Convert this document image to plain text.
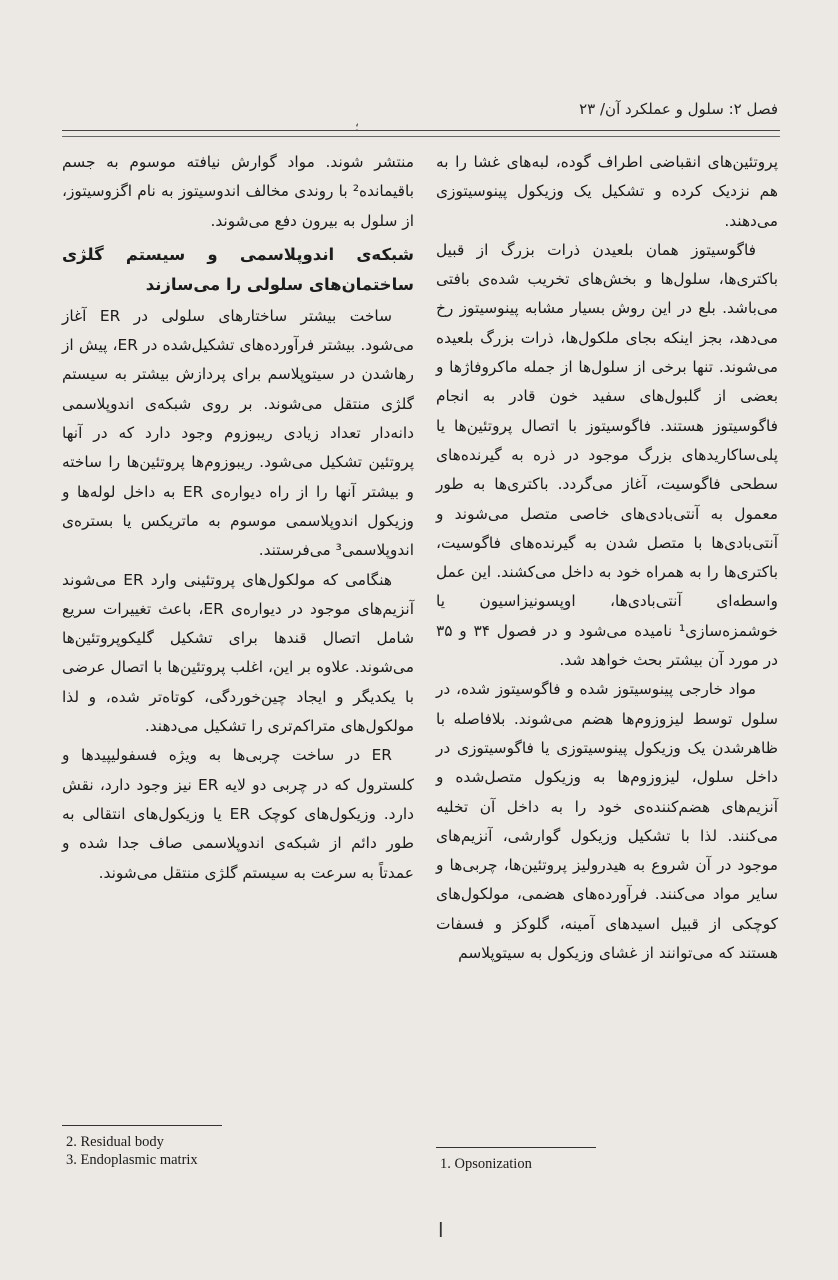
فصل ۲: سلول و عملکرد آن/ ۲۳
؛

پروتئین‌های انقباضی اطراف گوده، لبه‌های غشا را به هم نزدیک کرده و تشکیل یک وزیکول پینوسیتوزی می‌دهند.

فاگوسیتوز همان بلعیدن ذرات بزرگ از قبیل باکتری‌ها، سلول‌ها و بخش‌های تخریب شده‌ی بافتی می‌باشد. بلع در این روش بسیار مشابه پینوسیتوز رخ می‌دهد، بجز اینکه بجای ملکول‌ها، ذرات بزرگ بلعیده می‌شوند. تنها برخی از سلول‌ها از جمله ماکروفاژها و بعضی از گلبول‌های سفید خون قادر به انجام فاگوسیتوز هستند. فاگوسیتوز با اتصال پروتئین‌ها یا پلی‌ساکاریدهای بزرگ موجود در ذره به گیرنده‌های سطحی فاگوسیت، آغاز می‌گردد. باکتری‌ها به طور معمول به آنتی‌بادی‌های خاصی متصل می‌شوند و آنتی‌بادی‌ها با متصل شدن به گیرنده‌های فاگوسیت، باکتری‌ها را به همراه خود به داخل می‌کشند. این عمل واسطه‌ای آنتی‌بادی‌ها، اوپسونیزاسیون یا خوشمزه‌سازی¹ نامیده می‌شود و در فصول ۳۴ و ۳۵ در مورد آن بیشتر بحث خواهد شد.

مواد خارجی پینوسیتوز شده و فاگوسیتوز شده، در سلول توسط لیزوزوم‌ها هضم می‌شوند. بلافاصله با ظاهرشدن یک وزیکول پینوسیتوزی یا فاگوسیتوزی در داخل سلول، لیزوزوم‌ها به وزیکول متصل‌شده و آنزیم‌های هضم‌کننده‌ی خود را به داخل آن تخلیه می‌کنند. لذا با تشکیل وزیکول گوارشی، آنزیم‌های موجود در آن شروع به هیدرولیز پروتئین‌ها، چربی‌ها و سایر مواد می‌کنند. فرآورده‌های هضمی، مولکول‌های کوچکی از قبیل اسیدهای آمینه، گلوکز و فسفات هستند که می‌توانند از غشای وزیکول به سیتوپلاسم

منتشر شوند. مواد گوارش نیافته موسوم به جسم باقیمانده² با روندی مخالف اندوسیتوز به نام اگزوسیتوز، از سلول به بیرون دفع می‌شوند.

شبکه‌ی اندوپلاسمی و سیستم گلژی ساختمان‌های سلولی را می‌سازند

ساخت بیشتر ساختارهای سلولی در ER آغاز می‌شود. بیشتر فرآورده‌های تشکیل‌شده در ER، پیش از رهاشدن در سیتوپلاسم برای پردازش بیشتر به سیستم گلژی منتقل می‌شوند. بر روی شبکه‌ی اندوپلاسمی دانه‌دار تعداد زیادی ریبوزوم وجود دارد که در آنها پروتئین تشکیل می‌شود. ریبوزوم‌ها پروتئین‌ها را ساخته و بیشتر آنها را از راه دیواره‌ی ER به داخل لوله‌ها و وزیکول اندوپلاسمی موسوم به ماتریکس یا بستره‌ی اندوپلاسمی³ می‌فرستند.

هنگامی که مولکول‌های پروتئینی وارد ER می‌شوند آنزیم‌های موجود در دیواره‌ی ER، باعث تغییرات سریع شامل اتصال قندها برای تشکیل گلیکوپروتئین‌ها می‌شوند. علاوه بر این، اغلب پروتئین‌ها با اتصال عرضی با یکدیگر و ایجاد چین‌خوردگی، کوتاه‌تر شده، و لذا مولکول‌های متراکم‌تری را تشکیل می‌دهند.

ER در ساخت چربی‌ها به ویژه فسفولیپیدها و کلسترول که در چربی دو لایه ER نیز وجود دارد، نقش دارد. وزیکول‌های کوچک ER یا وزیکول‌های انتقالی به طور دائم از شبکه‌ی اندوپلاسمی صاف جدا شده و عمدتاً به سرعت به سیستم گلژی منتقل می‌شوند.

2. Residual body
3. Endoplasmic matrix	1. Opsonization
ا
